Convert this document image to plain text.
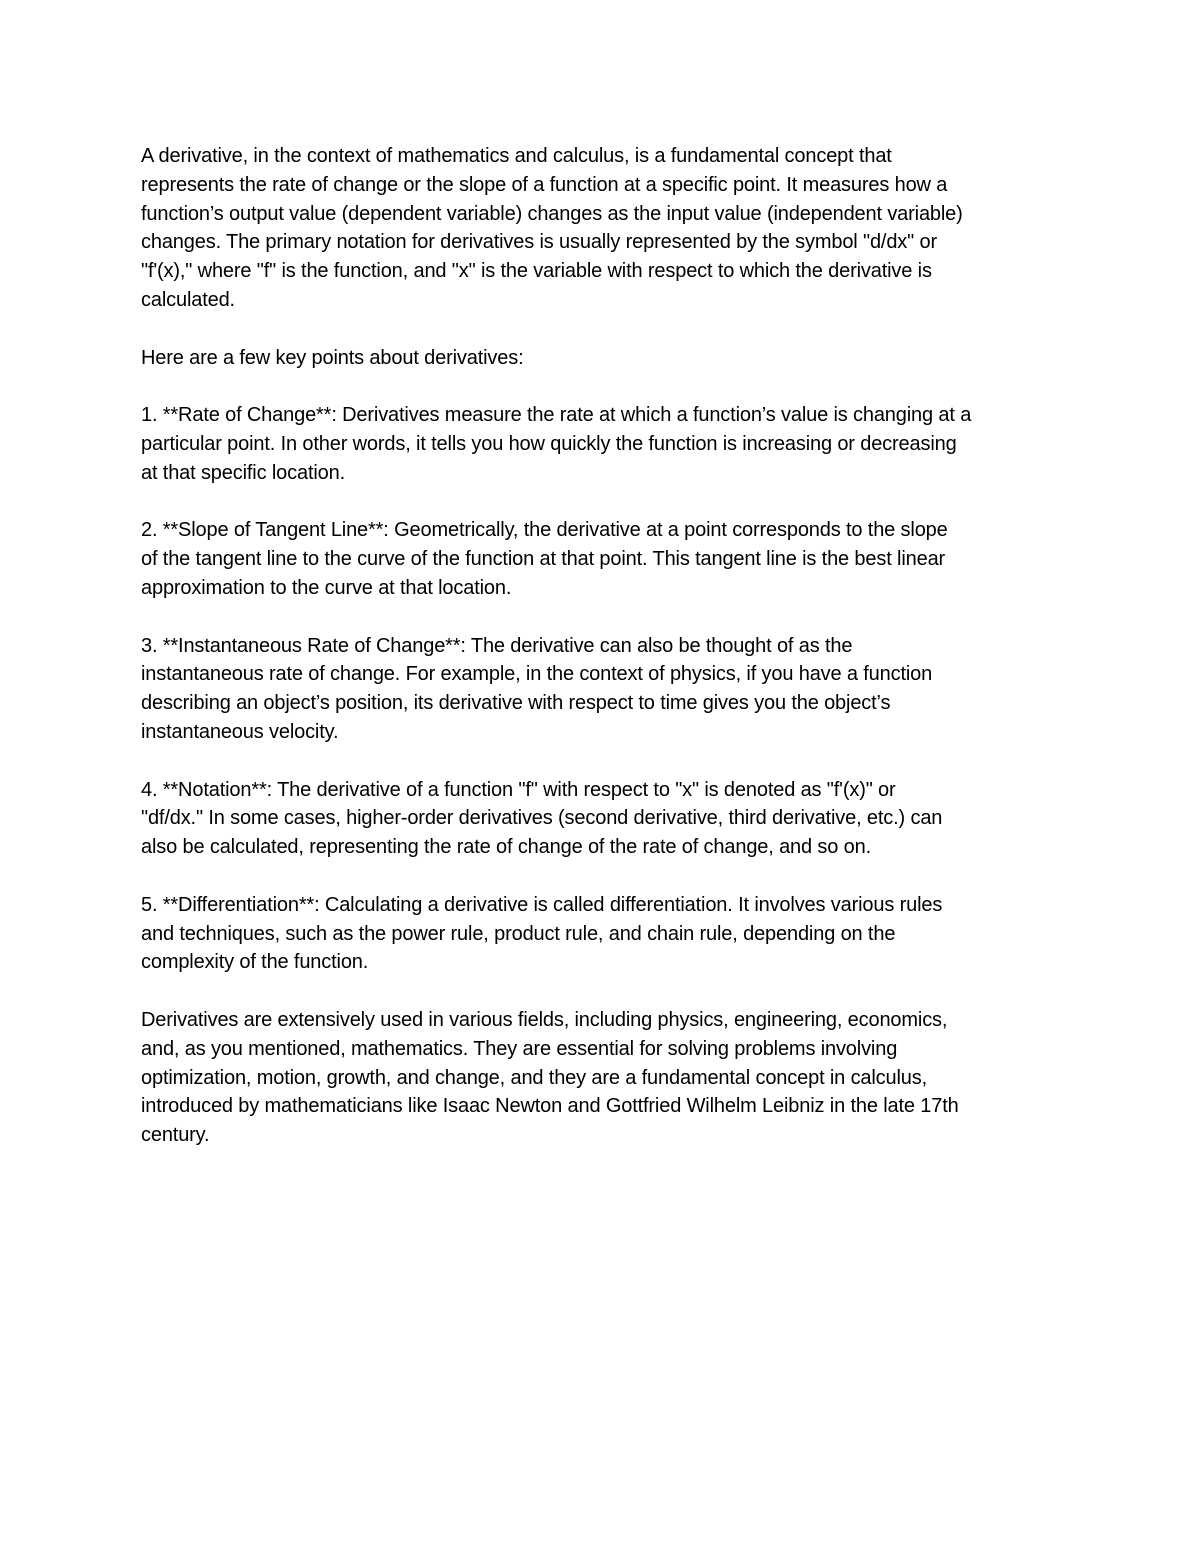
A derivative, in the context of mathematics and calculus, is a fundamental concept that
represents the rate of change or the slope of a function at a specific point. It measures how a
function’s output value (dependent variable) changes as the input value (independent variable)
changes. The primary notation for derivatives is usually represented by the symbol "d/dx" or
"f'(x)," where "f" is the function, and "x" is the variable with respect to which the derivative is
calculated.

Here are a few key points about derivatives:

1. **Rate of Change**: Derivatives measure the rate at which a function’s value is changing at a
particular point. In other words, it tells you how quickly the function is increasing or decreasing
at that specific location.

2. **Slope of Tangent Line**: Geometrically, the derivative at a point corresponds to the slope
of the tangent line to the curve of the function at that point. This tangent line is the best linear
approximation to the curve at that location.

3. **Instantaneous Rate of Change**: The derivative can also be thought of as the
instantaneous rate of change. For example, in the context of physics, if you have a function
describing an object’s position, its derivative with respect to time gives you the object’s
instantaneous velocity.

4. **Notation**: The derivative of a function "f" with respect to "x" is denoted as "f'(x)" or
"df/dx." In some cases, higher-order derivatives (second derivative, third derivative, etc.) can
also be calculated, representing the rate of change of the rate of change, and so on.

5. **Differentiation**: Calculating a derivative is called differentiation. It involves various rules
and techniques, such as the power rule, product rule, and chain rule, depending on the
complexity of the function.

Derivatives are extensively used in various fields, including physics, engineering, economics,
and, as you mentioned, mathematics. They are essential for solving problems involving
optimization, motion, growth, and change, and they are a fundamental concept in calculus,
introduced by mathematicians like Isaac Newton and Gottfried Wilhelm Leibniz in the late 17th
century.
